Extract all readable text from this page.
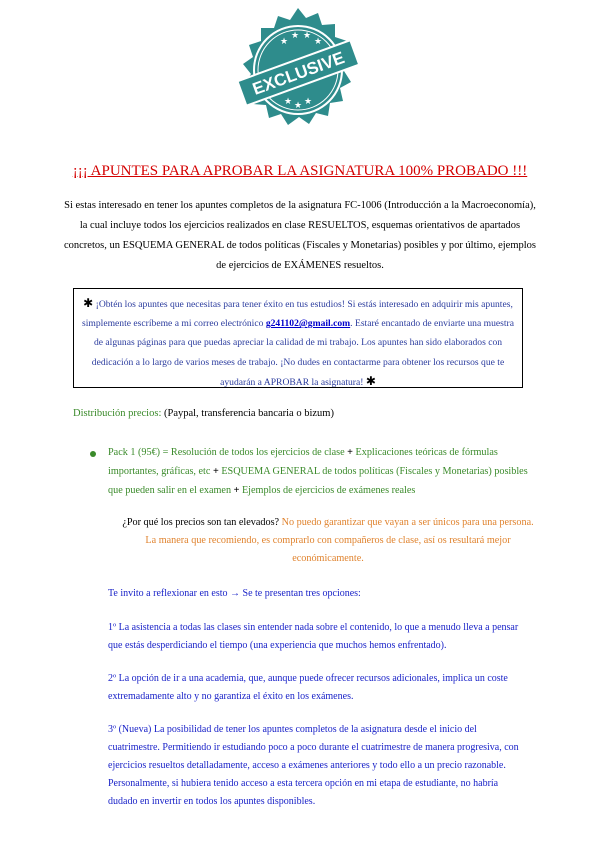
★
★ ★
★
★ ★ ★
EXCLUSIVE
¡¡¡ APUNTES PARA APROBAR LA ASIGNATURA 100% PROBADO !!!
Si estas interesado en tener los apuntes completos de la asignatura FC-1006 (Introducción a la Macroeconomía), la cual incluye todos los ejercicios realizados en clase RESUELTOS, esquemas orientativos de apartados concretos, un ESQUEMA GENERAL de todos políticas (Fiscales y Monetarias) posibles y por último, ejemplos de ejercicios de EXÁMENES resueltos.
✱ ¡Obtén los apuntes que necesitas para tener éxito en tus estudios! Si estás interesado en adquirir mis apuntes, simplemente escríbeme a mi correo electrónico g241102@gmail.com. Estaré encantado de enviarte una muestra de algunas páginas para que puedas apreciar la calidad de mi trabajo. Los apuntes han sido elaborados con dedicación a lo largo de varios meses de trabajo. ¡No dudes en contactarme para obtener los recursos que te ayudarán a APROBAR la asignatura! ✱
Distribución precios: (Paypal, transferencia bancaria o bizum)
Pack 1 (95€) = Resolución de todos los ejercicios de clase + Explicaciones teóricas de fórmulas importantes, gráficas, etc + ESQUEMA GENERAL de todos políticas (Fiscales y Monetarias) posibles que pueden salir en el examen + Ejemplos de ejercicios de exámenes reales
¿Por qué los precios son tan elevados? No puedo garantizar que vayan a ser únicos para una persona. La manera que recomiendo, es comprarlo con compañeros de clase, así os resultará mejor económicamente.
Te invito a reflexionar en esto → Se te presentan tres opciones:
1º La asistencia a todas las clases sin entender nada sobre el contenido, lo que a menudo lleva a pensar que estás desperdiciando el tiempo (una experiencia que muchos hemos enfrentado).
2º La opción de ir a una academia, que, aunque puede ofrecer recursos adicionales, implica un coste extremadamente alto y no garantiza el éxito en los exámenes.
3º (Nueva) La posibilidad de tener los apuntes completos de la asignatura desde el inicio del cuatrimestre. Permitiendo ir estudiando poco a poco durante el cuatrimestre de manera progresiva, con ejercicios resueltos detalladamente, acceso a exámenes anteriores y todo ello a un precio razonable. Personalmente, si hubiera tenido acceso a esta tercera opción en mi etapa de estudiante, no habría dudado en invertir en todos los apuntes disponibles.
